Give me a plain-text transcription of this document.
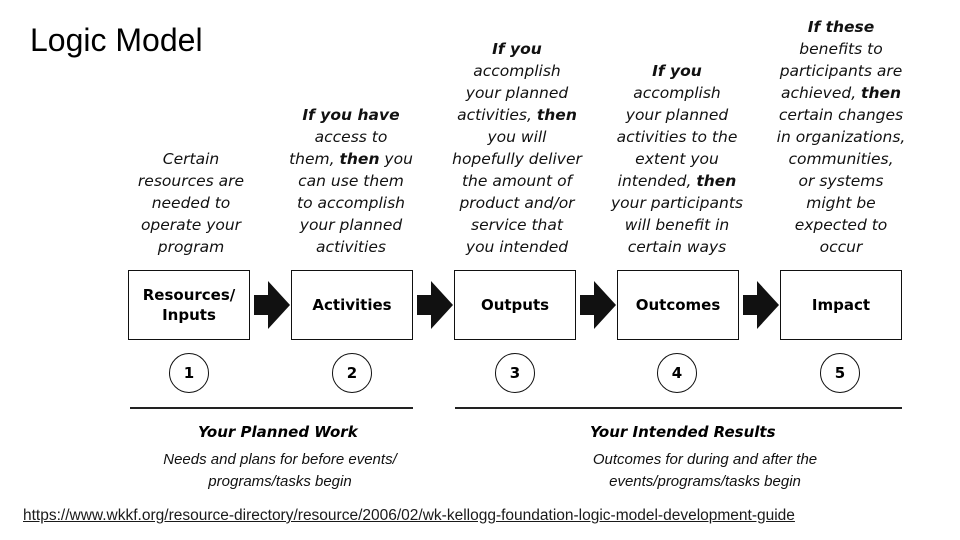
Logic Model
Certain
resources are
needed to
operate your
program
If you have
access to
them, then you
can use them
to accomplish
your planned
activities
If you
accomplish
your planned
activities, then
you will
hopefully deliver
the amount of
product and/or
service that
you intended
If you
accomplish
your planned
activities to the
extent you
intended, then
your participants
will benefit in
certain ways
If these
benefits to
participants are
achieved, then
certain changes
in organizations,
communities,
or systems
might be
expected to
occur
Resources/
Inputs
Activities	Outputs	Outcomes	Impact
1	2	3	4	5
Your Planned Work	Your Intended Results
Needs and plans for before events/
programs/tasks begin
Outcomes for during and after the
events/programs/tasks begin
https://www.wkkf.org/resource-directory/resource/2006/02/wk-kellogg-foundation-logic-model-development-guide
